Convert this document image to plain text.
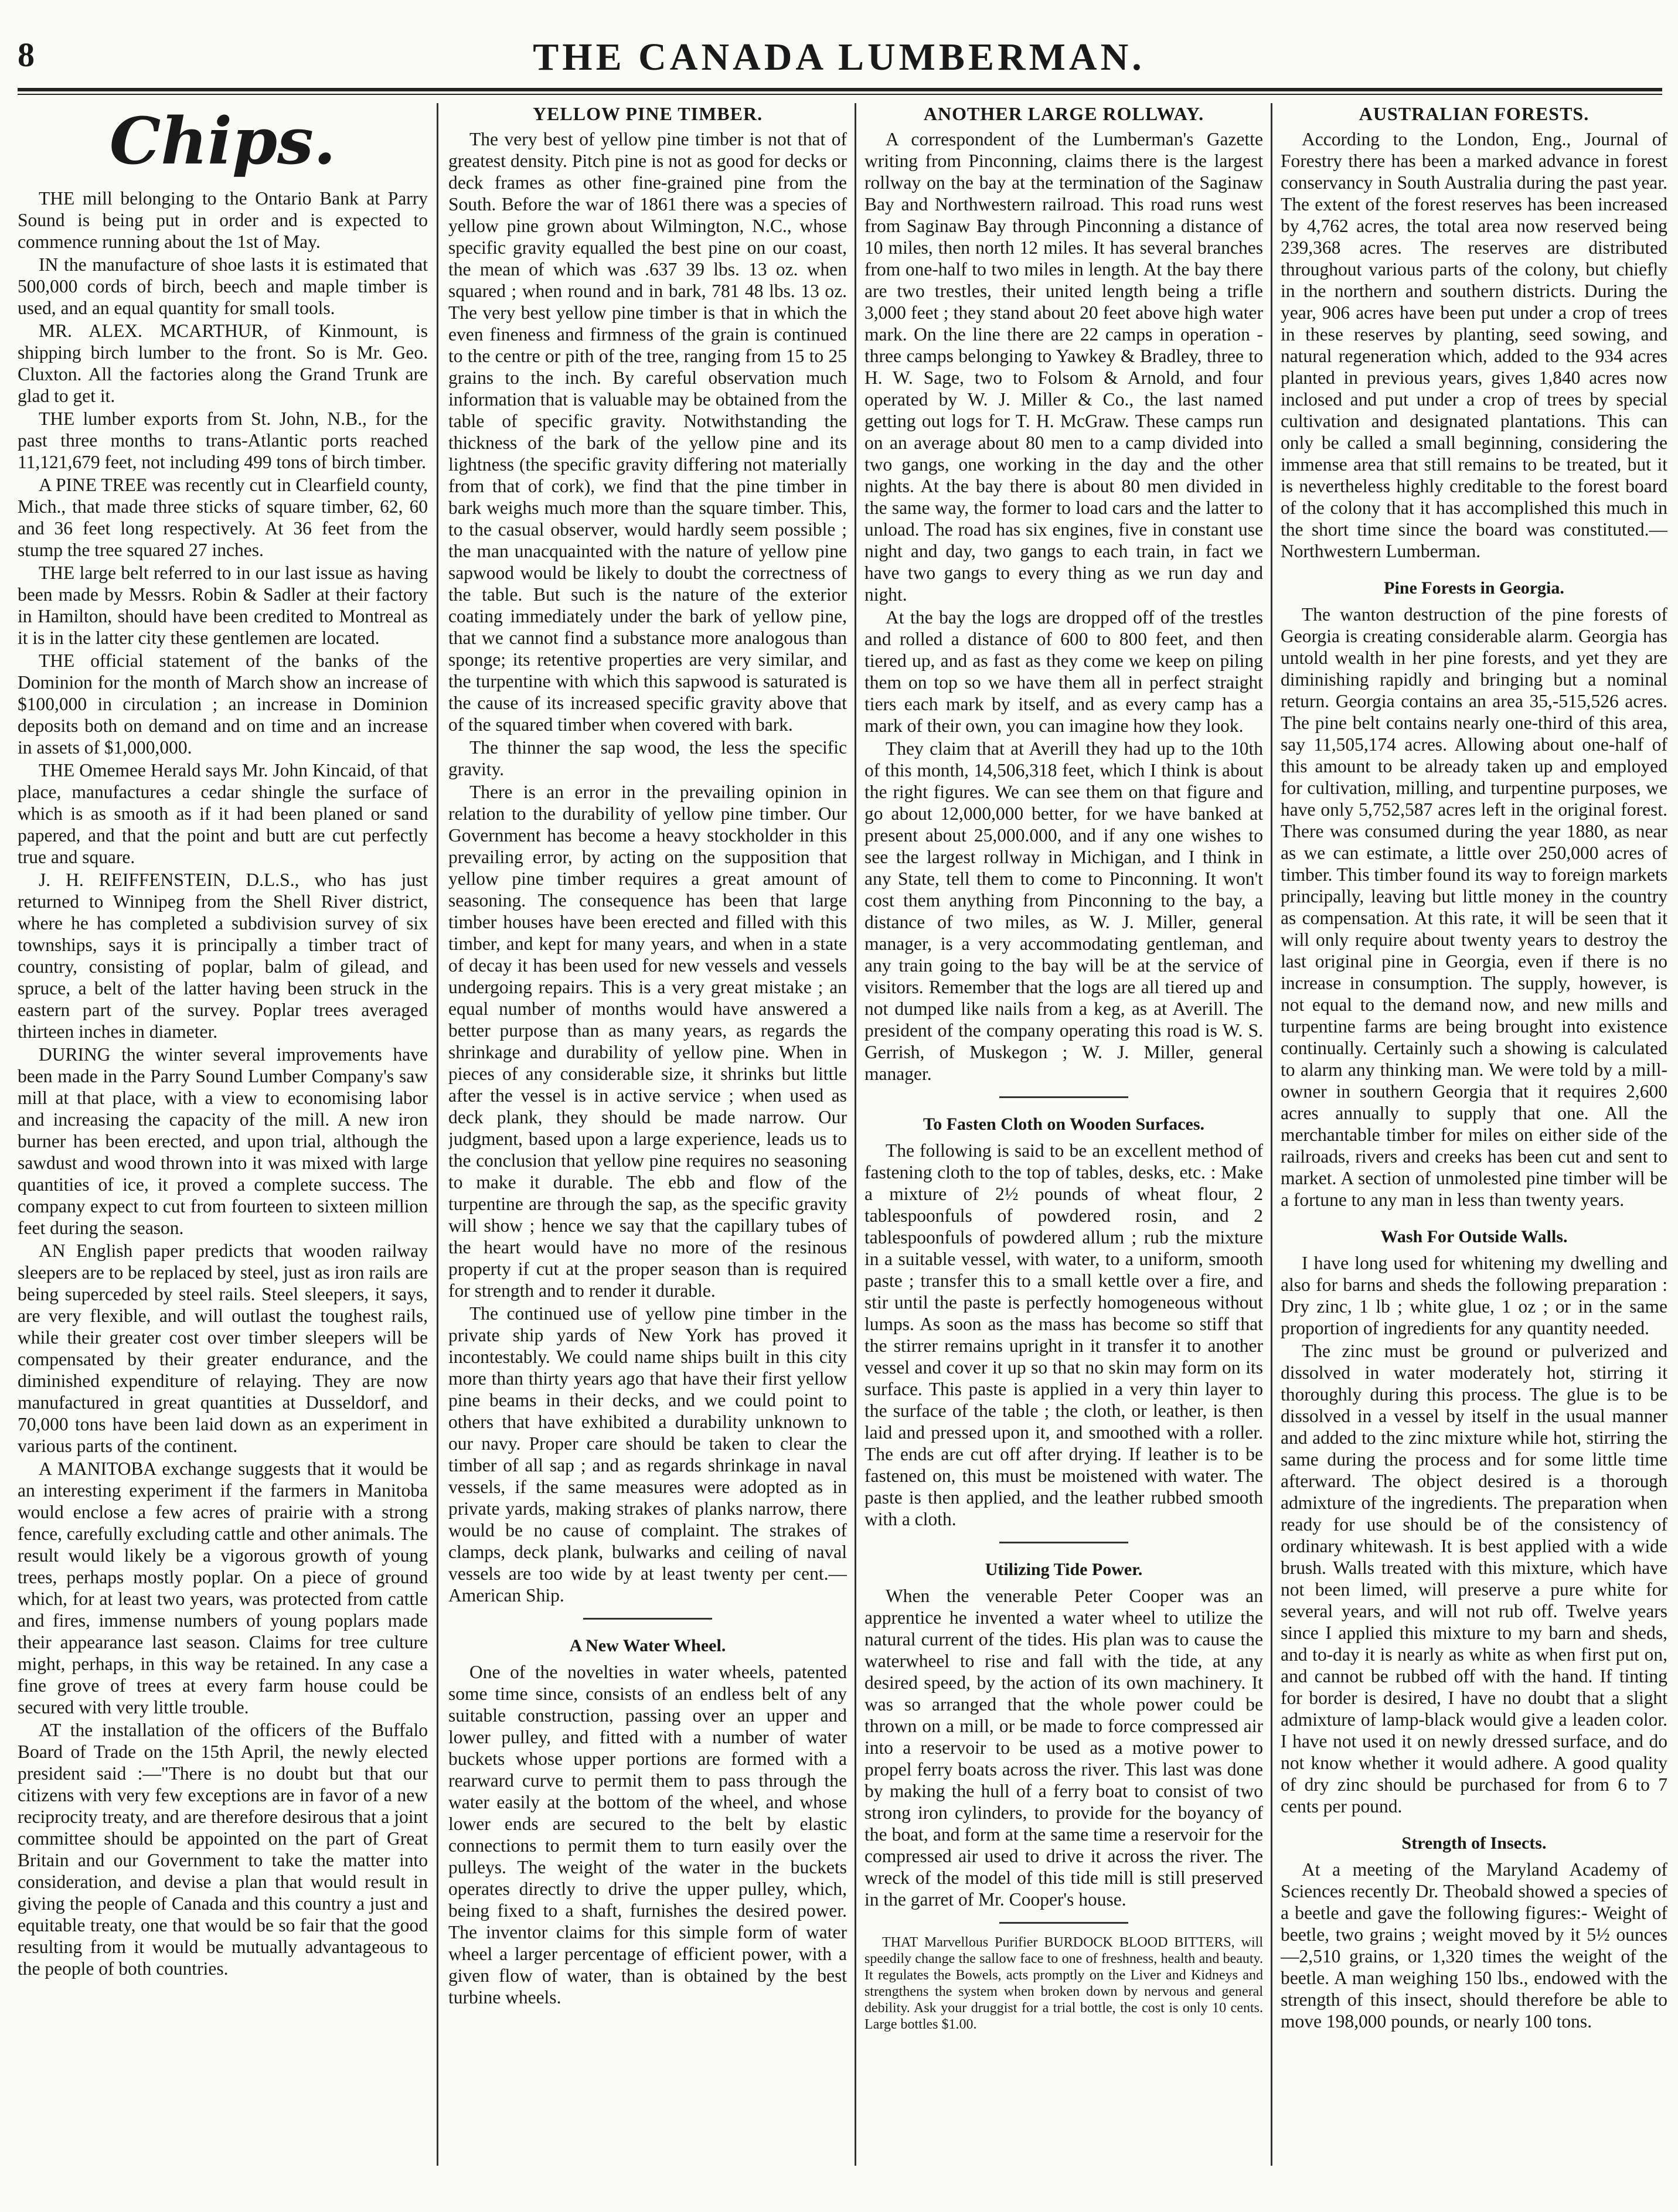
8	THE CANADA LUMBERMAN.
Chips.

THE mill belonging to the Ontario Bank at Parry Sound is being put in order and is expected to commence running about the 1st of May.

IN the manufacture of shoe lasts it is estimated that 500,000 cords of birch, beech and maple timber is used, and an equal quantity for small tools.

MR. ALEX. MCARTHUR, of Kinmount, is shipping birch lumber to the front. So is Mr. Geo. Cluxton. All the factories along the Grand Trunk are glad to get it.

THE lumber exports from St. John, N.B., for the past three months to trans-Atlantic ports reached 11,121,679 feet, not including 499 tons of birch timber.

A PINE TREE was recently cut in Clearfield county, Mich., that made three sticks of square timber, 62, 60 and 36 feet long respectively. At 36 feet from the stump the tree squared 27 inches.

THE large belt referred to in our last issue as having been made by Messrs. Robin & Sadler at their factory in Hamilton, should have been credited to Montreal as it is in the latter city these gentlemen are located.

THE official statement of the banks of the Dominion for the month of March show an increase of $100,000 in circulation ; an increase in Dominion deposits both on demand and on time and an increase in assets of $1,000,000.

THE Omemee Herald says Mr. John Kincaid, of that place, manufactures a cedar shingle the surface of which is as smooth as if it had been planed or sand papered, and that the point and butt are cut perfectly true and square.

J. H. REIFFENSTEIN, D.L.S., who has just returned to Winnipeg from the Shell River district, where he has completed a subdivision survey of six townships, says it is principally a timber tract of country, consisting of poplar, balm of gilead, and spruce, a belt of the latter having been struck in the eastern part of the survey. Poplar trees averaged thirteen inches in diameter.

DURING the winter several improvements have been made in the Parry Sound Lumber Company's saw mill at that place, with a view to economising labor and increasing the capacity of the mill. A new iron burner has been erected, and upon trial, although the sawdust and wood thrown into it was mixed with large quantities of ice, it proved a complete success. The company expect to cut from fourteen to sixteen million feet during the season.

AN English paper predicts that wooden railway sleepers are to be replaced by steel, just as iron rails are being superceded by steel rails. Steel sleepers, it says, are very flexible, and will outlast the toughest rails, while their greater cost over timber sleepers will be compensated by their greater endurance, and the diminished expenditure of relaying. They are now manufactured in great quantities at Dusseldorf, and 70,000 tons have been laid down as an experiment in various parts of the continent.

A MANITOBA exchange suggests that it would be an interesting experiment if the farmers in Manitoba would enclose a few acres of prairie with a strong fence, carefully excluding cattle and other animals. The result would likely be a vigorous growth of young trees, perhaps mostly poplar. On a piece of ground which, for at least two years, was protected from cattle and fires, immense numbers of young poplars made their appearance last season. Claims for tree culture might, perhaps, in this way be retained. In any case a fine grove of trees at every farm house could be secured with very little trouble.

AT the installation of the officers of the Buffalo Board of Trade on the 15th April, the newly elected president said :—"There is no doubt but that our citizens with very few exceptions are in favor of a new reciprocity treaty, and are therefore desirous that a joint committee should be appointed on the part of Great Britain and our Government to take the matter into consideration, and devise a plan that would result in giving the people of Canada and this country a just and equitable treaty, one that would be so fair that the good resulting from it would be mutually advantageous to the people of both countries.

YELLOW PINE TIMBER.

The very best of yellow pine timber is not that of greatest density. Pitch pine is not as good for decks or deck frames as other fine-grained pine from the South. Before the war of 1861 there was a species of yellow pine grown about Wilmington, N.C., whose specific gravity equalled the best pine on our coast, the mean of which was .637 39 lbs. 13 oz. when squared ; when round and in bark, 781 48 lbs. 13 oz. The very best yellow pine timber is that in which the even fineness and firmness of the grain is continued to the centre or pith of the tree, ranging from 15 to 25 grains to the inch. By careful observation much information that is valuable may be obtained from the table of specific gravity. Notwithstanding the thickness of the bark of the yellow pine and its lightness (the specific gravity differing not materially from that of cork), we find that the pine timber in bark weighs much more than the square timber. This, to the casual observer, would hardly seem possible ; the man unacquainted with the nature of yellow pine sapwood would be likely to doubt the correctness of the table. But such is the nature of the exterior coating immediately under the bark of yellow pine, that we cannot find a substance more analogous than sponge; its retentive properties are very similar, and the turpentine with which this sapwood is saturated is the cause of its increased specific gravity above that of the squared timber when covered with bark.

The thinner the sap wood, the less the specific gravity.

There is an error in the prevailing opinion in relation to the durability of yellow pine timber. Our Government has become a heavy stockholder in this prevailing error, by acting on the supposition that yellow pine timber requires a great amount of seasoning. The consequence has been that large timber houses have been erected and filled with this timber, and kept for many years, and when in a state of decay it has been used for new vessels and vessels undergoing repairs. This is a very great mistake ; an equal number of months would have answered a better purpose than as many years, as regards the shrinkage and durability of yellow pine. When in pieces of any considerable size, it shrinks but little after the vessel is in active service ; when used as deck plank, they should be made narrow. Our judgment, based upon a large experience, leads us to the conclusion that yellow pine requires no seasoning to make it durable. The ebb and flow of the turpentine are through the sap, as the specific gravity will show ; hence we say that the capillary tubes of the heart would have no more of the resinous property if cut at the proper season than is required for strength and to render it durable.

The continued use of yellow pine timber in the private ship yards of New York has proved it incontestably. We could name ships built in this city more than thirty years ago that have their first yellow pine beams in their decks, and we could point to others that have exhibited a durability unknown to our navy. Proper care should be taken to clear the timber of all sap ; and as regards shrinkage in naval vessels, if the same measures were adopted as in private yards, making strakes of planks narrow, there would be no cause of complaint. The strakes of clamps, deck plank, bulwarks and ceiling of naval vessels are too wide by at least twenty per cent.—American Ship.

A New Water Wheel.

One of the novelties in water wheels, patented some time since, consists of an endless belt of any suitable construction, passing over an upper and lower pulley, and fitted with a number of water buckets whose upper portions are formed with a rearward curve to permit them to pass through the water easily at the bottom of the wheel, and whose lower ends are secured to the belt by elastic connections to permit them to turn easily over the pulleys. The weight of the water in the buckets operates directly to drive the upper pulley, which, being fixed to a shaft, furnishes the desired power. The inventor claims for this simple form of water wheel a larger percentage of efficient power, with a given flow of water, than is obtained by the best turbine wheels.

ANOTHER LARGE ROLLWAY.

A correspondent of the Lumberman's Gazette writing from Pinconning, claims there is the largest rollway on the bay at the termination of the Saginaw Bay and Northwestern railroad. This road runs west from Saginaw Bay through Pinconning a distance of 10 miles, then north 12 miles. It has several branches from one-half to two miles in length. At the bay there are two trestles, their united length being a trifle 3,000 feet ; they stand about 20 feet above high water mark. On the line there are 22 camps in operation - three camps belonging to Yawkey & Bradley, three to H. W. Sage, two to Folsom & Arnold, and four operated by W. J. Miller & Co., the last named getting out logs for T. H. McGraw. These camps run on an average about 80 men to a camp divided into two gangs, one working in the day and the other nights. At the bay there is about 80 men divided in the same way, the former to load cars and the latter to unload. The road has six engines, five in constant use night and day, two gangs to each train, in fact we have two gangs to every thing as we run day and night.

At the bay the logs are dropped off of the trestles and rolled a distance of 600 to 800 feet, and then tiered up, and as fast as they come we keep on piling them on top so we have them all in perfect straight tiers each mark by itself, and as every camp has a mark of their own, you can imagine how they look.

They claim that at Averill they had up to the 10th of this month, 14,506,318 feet, which I think is about the right figures. We can see them on that figure and go about 12,000,000 better, for we have banked at present about 25,000.000, and if any one wishes to see the largest rollway in Michigan, and I think in any State, tell them to come to Pinconning. It won't cost them anything from Pinconning to the bay, a distance of two miles, as W. J. Miller, general manager, is a very accommodating gentleman, and any train going to the bay will be at the service of visitors. Remember that the logs are all tiered up and not dumped like nails from a keg, as at Averill. The president of the company operating this road is W. S. Gerrish, of Muskegon ; W. J. Miller, general manager.

To Fasten Cloth on Wooden Surfaces.

The following is said to be an excellent method of fastening cloth to the top of tables, desks, etc. : Make a mixture of 2½ pounds of wheat flour, 2 tablespoonfuls of powdered rosin, and 2 tablespoonfuls of powdered allum ; rub the mixture in a suitable vessel, with water, to a uniform, smooth paste ; transfer this to a small kettle over a fire, and stir until the paste is perfectly homogeneous without lumps. As soon as the mass has become so stiff that the stirrer remains upright in it transfer it to another vessel and cover it up so that no skin may form on its surface. This paste is applied in a very thin layer to the surface of the table ; the cloth, or leather, is then laid and pressed upon it, and smoothed with a roller. The ends are cut off after drying. If leather is to be fastened on, this must be moistened with water. The paste is then applied, and the leather rubbed smooth with a cloth.

Utilizing Tide Power.

When the venerable Peter Cooper was an apprentice he invented a water wheel to utilize the natural current of the tides. His plan was to cause the waterwheel to rise and fall with the tide, at any desired speed, by the action of its own machinery. It was so arranged that the whole power could be thrown on a mill, or be made to force compressed air into a reservoir to be used as a motive power to propel ferry boats across the river. This last was done by making the hull of a ferry boat to consist of two strong iron cylinders, to provide for the boyancy of the boat, and form at the same time a reservoir for the compressed air used to drive it across the river. The wreck of the model of this tide mill is still preserved in the garret of Mr. Cooper's house.

THAT Marvellous Purifier BURDOCK BLOOD BITTERS, will speedily change the sallow face to one of freshness, health and beauty. It regulates the Bowels, acts promptly on the Liver and Kidneys and strengthens the system when broken down by nervous and general debility. Ask your druggist for a trial bottle, the cost is only 10 cents. Large bottles $1.00.

AUSTRALIAN FORESTS.

According to the London, Eng., Journal of Forestry there has been a marked advance in forest conservancy in South Australia during the past year. The extent of the forest reserves has been increased by 4,762 acres, the total area now reserved being 239,368 acres. The reserves are distributed throughout various parts of the colony, but chiefly in the northern and southern districts. During the year, 906 acres have been put under a crop of trees in these reserves by planting, seed sowing, and natural regeneration which, added to the 934 acres planted in previous years, gives 1,840 acres now inclosed and put under a crop of trees by special cultivation and designated plantations. This can only be called a small beginning, considering the immense area that still remains to be treated, but it is nevertheless highly creditable to the forest board of the colony that it has accomplished this much in the short time since the board was constituted.—Northwestern Lumberman.

Pine Forests in Georgia.

The wanton destruction of the pine forests of Georgia is creating considerable alarm. Georgia has untold wealth in her pine forests, and yet they are diminishing rapidly and bringing but a nominal return. Georgia contains an area 35,-515,526 acres. The pine belt contains nearly one-third of this area, say 11,505,174 acres. Allowing about one-half of this amount to be already taken up and employed for cultivation, milling, and turpentine purposes, we have only 5,752,587 acres left in the original forest. There was consumed during the year 1880, as near as we can estimate, a little over 250,000 acres of timber. This timber found its way to foreign markets principally, leaving but little money in the country as compensation. At this rate, it will be seen that it will only require about twenty years to destroy the last original pine in Georgia, even if there is no increase in consumption. The supply, however, is not equal to the demand now, and new mills and turpentine farms are being brought into existence continually. Certainly such a showing is calculated to alarm any thinking man. We were told by a mill-owner in southern Georgia that it requires 2,600 acres annually to supply that one. All the merchantable timber for miles on either side of the railroads, rivers and creeks has been cut and sent to market. A section of unmolested pine timber will be a fortune to any man in less than twenty years.

Wash For Outside Walls.

I have long used for whitening my dwelling and also for barns and sheds the following preparation : Dry zinc, 1 lb ; white glue, 1 oz ; or in the same proportion of ingredients for any quantity needed.

The zinc must be ground or pulverized and dissolved in water moderately hot, stirring it thoroughly during this process. The glue is to be dissolved in a vessel by itself in the usual manner and added to the zinc mixture while hot, stirring the same during the process and for some little time afterward. The object desired is a thorough admixture of the ingredients. The preparation when ready for use should be of the consistency of ordinary whitewash. It is best applied with a wide brush. Walls treated with this mixture, which have not been limed, will preserve a pure white for several years, and will not rub off. Twelve years since I applied this mixture to my barn and sheds, and to-day it is nearly as white as when first put on, and cannot be rubbed off with the hand. If tinting for border is desired, I have no doubt that a slight admixture of lamp-black would give a leaden color. I have not used it on newly dressed surface, and do not know whether it would adhere. A good quality of dry zinc should be purchased for from 6 to 7 cents per pound.

Strength of Insects.

At a meeting of the Maryland Academy of Sciences recently Dr. Theobald showed a species of a beetle and gave the following figures:- Weight of beetle, two grains ; weight moved by it 5½ ounces—2,510 grains, or 1,320 times the weight of the beetle. A man weighing 150 lbs., endowed with the strength of this insect, should therefore be able to move 198,000 pounds, or nearly 100 tons.
